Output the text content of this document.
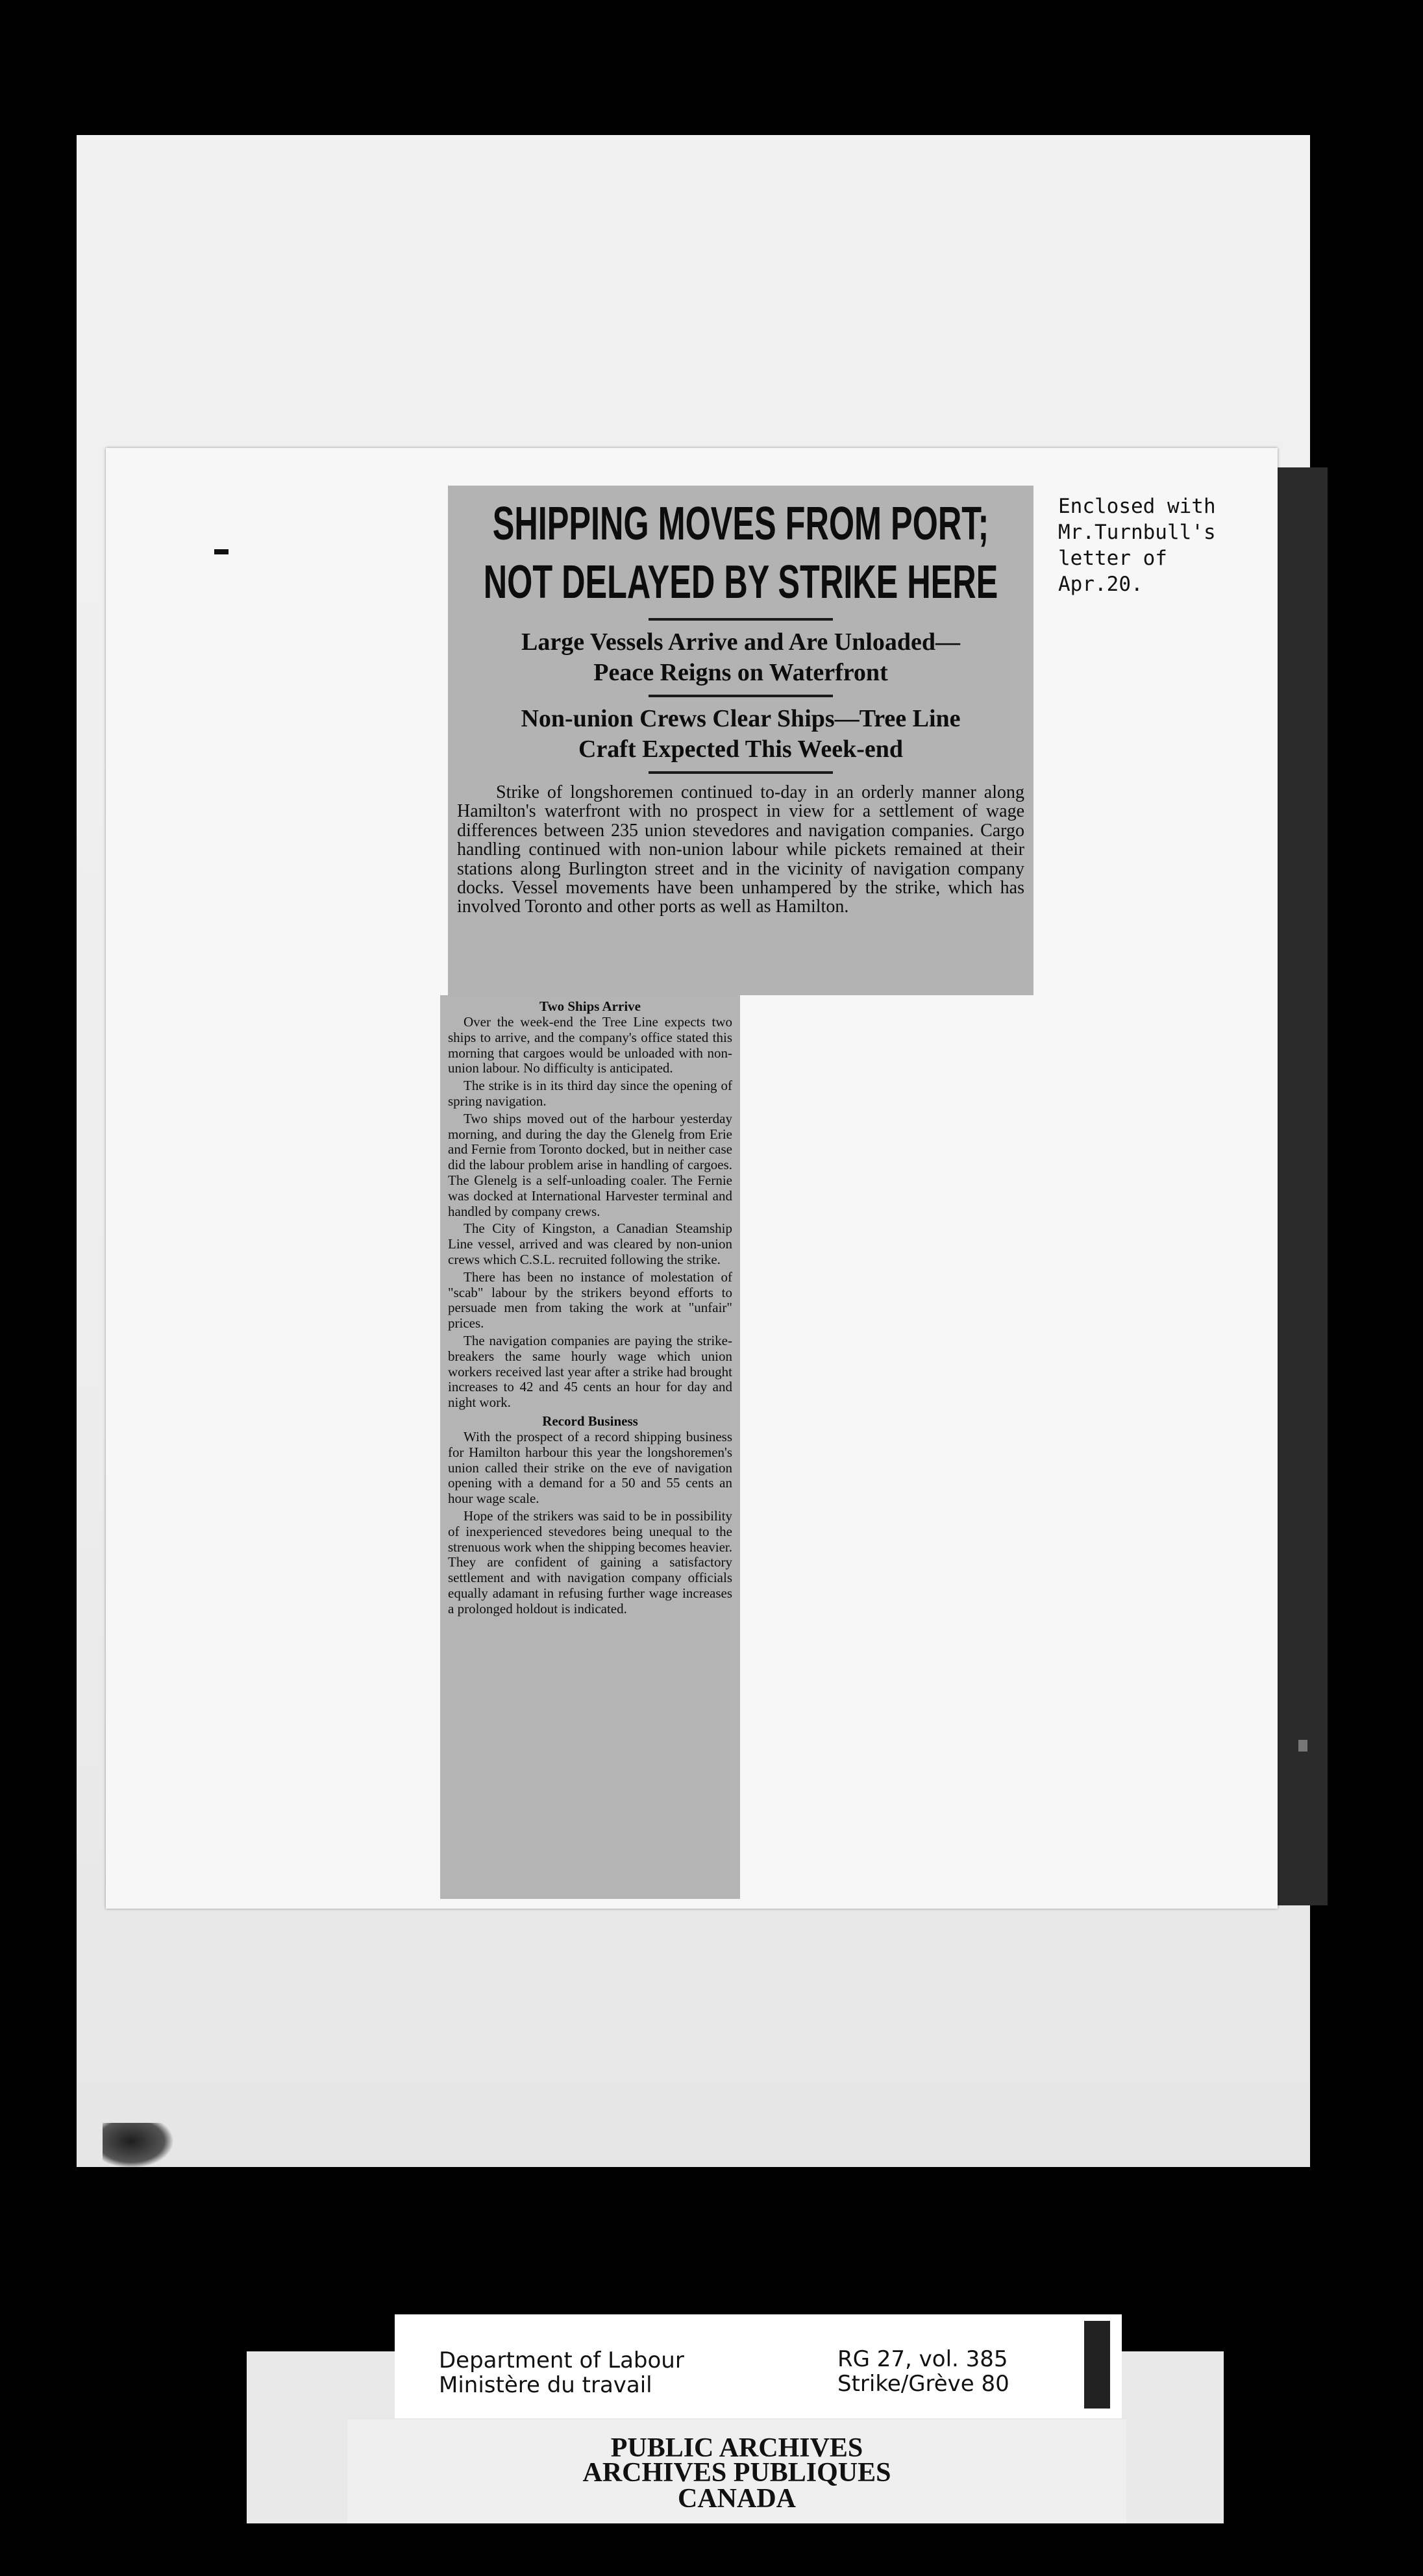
Enclosed with
Mr.Turnbull's
letter of
Apr.20.
SHIPPING MOVES FROM PORT;
NOT DELAYED BY STRIKE HERE
Large Vessels Arrive and Are Unloaded—
Peace Reigns on Waterfront
Non-union Crews Clear Ships—Tree Line
Craft Expected This Week-end
Strike of longshoremen continued to-day in an orderly manner along Hamilton's waterfront with no prospect in view for a settlement of wage differences between 235 union stevedores and navigation companies. Cargo handling continued with non-union labour while pickets remained at their stations along Burlington street and in the vicinity of navigation company docks. Vessel movements have been unhampered by the strike, which has involved Toronto and other ports as well as Hamilton.
Two Ships Arrive

Over the week-end the Tree Line expects two ships to arrive, and the company's office stated this morning that cargoes would be unloaded with non-union labour. No difficulty is anticipated.

The strike is in its third day since the opening of spring navigation.

Two ships moved out of the harbour yesterday morning, and during the day the Glenelg from Erie and Fernie from Toronto docked, but in neither case did the labour problem arise in handling of cargoes. The Glenelg is a self-unloading coaler. The Fernie was docked at International Harvester terminal and handled by company crews.

The City of Kingston, a Canadian Steamship Line vessel, arrived and was cleared by non-union crews which C.S.L. recruited following the strike.

There has been no instance of molestation of "scab" labour by the strikers beyond efforts to persuade men from taking the work at "unfair" prices.

The navigation companies are paying the strike-breakers the same hourly wage which union workers received last year after a strike had brought increases to 42 and 45 cents an hour for day and night work.

Record Business

With the prospect of a record shipping business for Hamilton harbour this year the longshoremen's union called their strike on the eve of navigation opening with a demand for a 50 and 55 cents an hour wage scale.

Hope of the strikers was said to be in possibility of inexperienced stevedores being unequal to the strenuous work when the shipping becomes heavier. They are confident of gaining a satisfactory settlement and with navigation company officials equally adamant in refusing further wage increases a prolonged holdout is indicated.

PUBLIC ARCHIVES
ARCHIVES PUBLIQUES
CANADA
Department of Labour
Ministère du travail
RG 27, vol. 385
Strike/Grève 80
